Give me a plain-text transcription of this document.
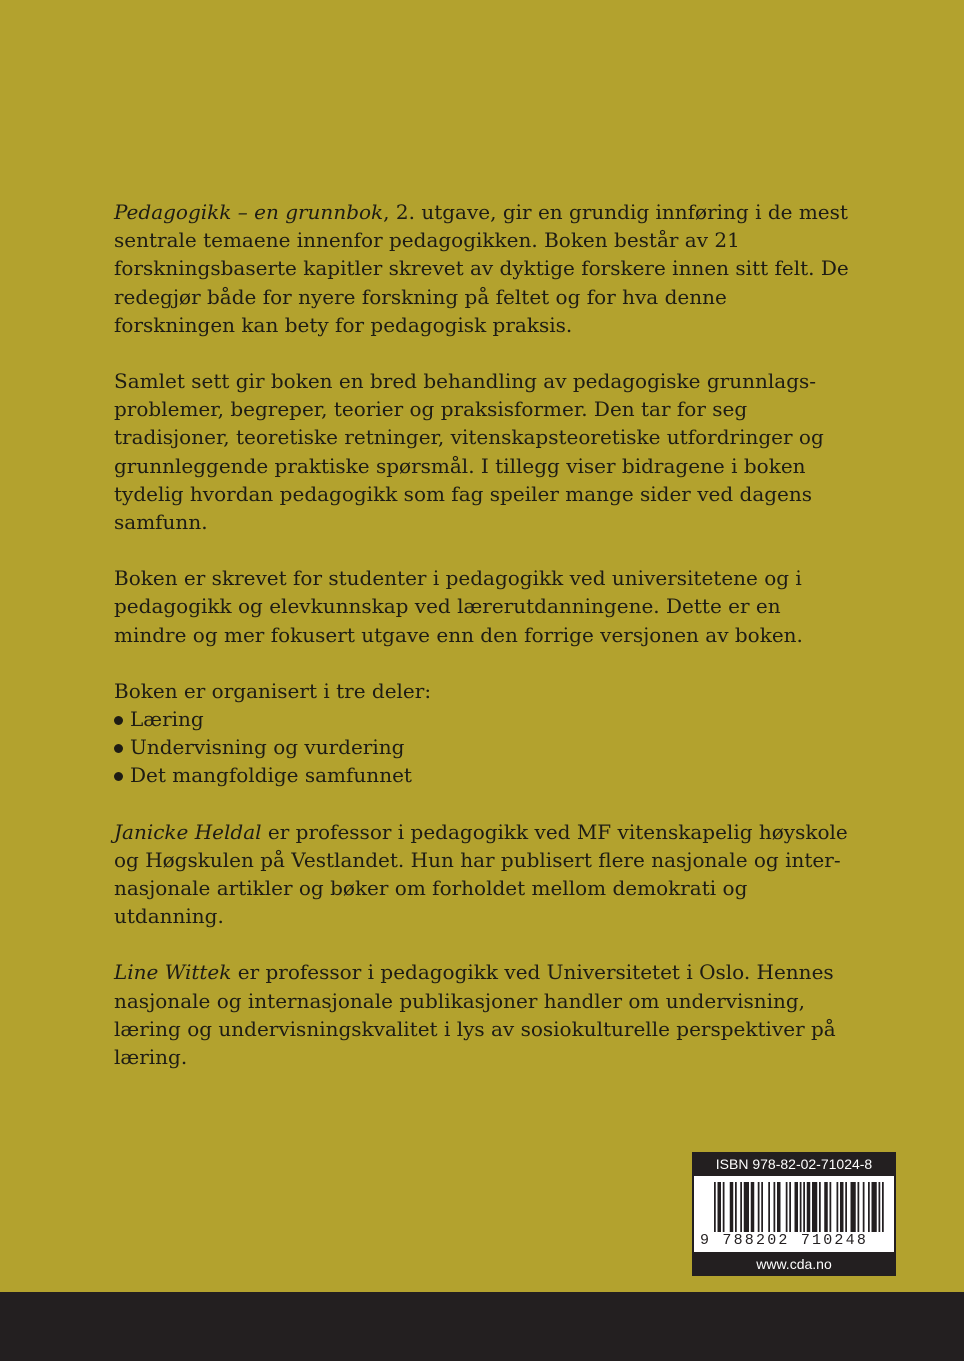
Pedagogikk – en grunnbok, 2. utgave, gir en grundig innføring i de mest sentrale temaene innenfor pedagogikken. Boken består av 21 forskningsbaserte kapitler skrevet av dyktige forskere innen sitt felt. De redegjør både for nyere forskning på feltet og for hva denne forskningen kan bety for pedagogisk praksis.

Samlet sett gir boken en bred behandling av pedagogiske grunnlagsproblemer, begreper, teorier og praksisformer. Den tar for seg tradisjoner, teoretiske retninger, vitenskapsteoretiske utfordringer og grunnleggende praktiske spørsmål. I tillegg viser bidragene i boken tydelig hvordan pedagogikk som fag speiler mange sider ved dagens samfunn.

Boken er skrevet for studenter i pedagogikk ved universitetene og i pedagogikk og elevkunnskap ved lærerutdanningene. Dette er en mindre og mer fokusert utgave enn den forrige versjonen av boken.

Boken er organisert i tre deler:

Læring
Undervisning og vurdering
Det mangfoldige samfunnet

Janicke Heldal er professor i pedagogikk ved MF vitenskapelig høyskole og Høgskulen på Vestlandet. Hun har publisert flere nasjonale og internasjonale artikler og bøker om forholdet mellom demokrati og utdanning.

Line Wittek er professor i pedagogikk ved Universitetet i Oslo. Hennes nasjonale og internasjonale publikasjoner handler om undervisning, læring og undervisningskvalitet i lys av sosiokulturelle perspektiver på læring.

ISBN 978-82-02-71024-8
9 788202 710248
www.cda.no
